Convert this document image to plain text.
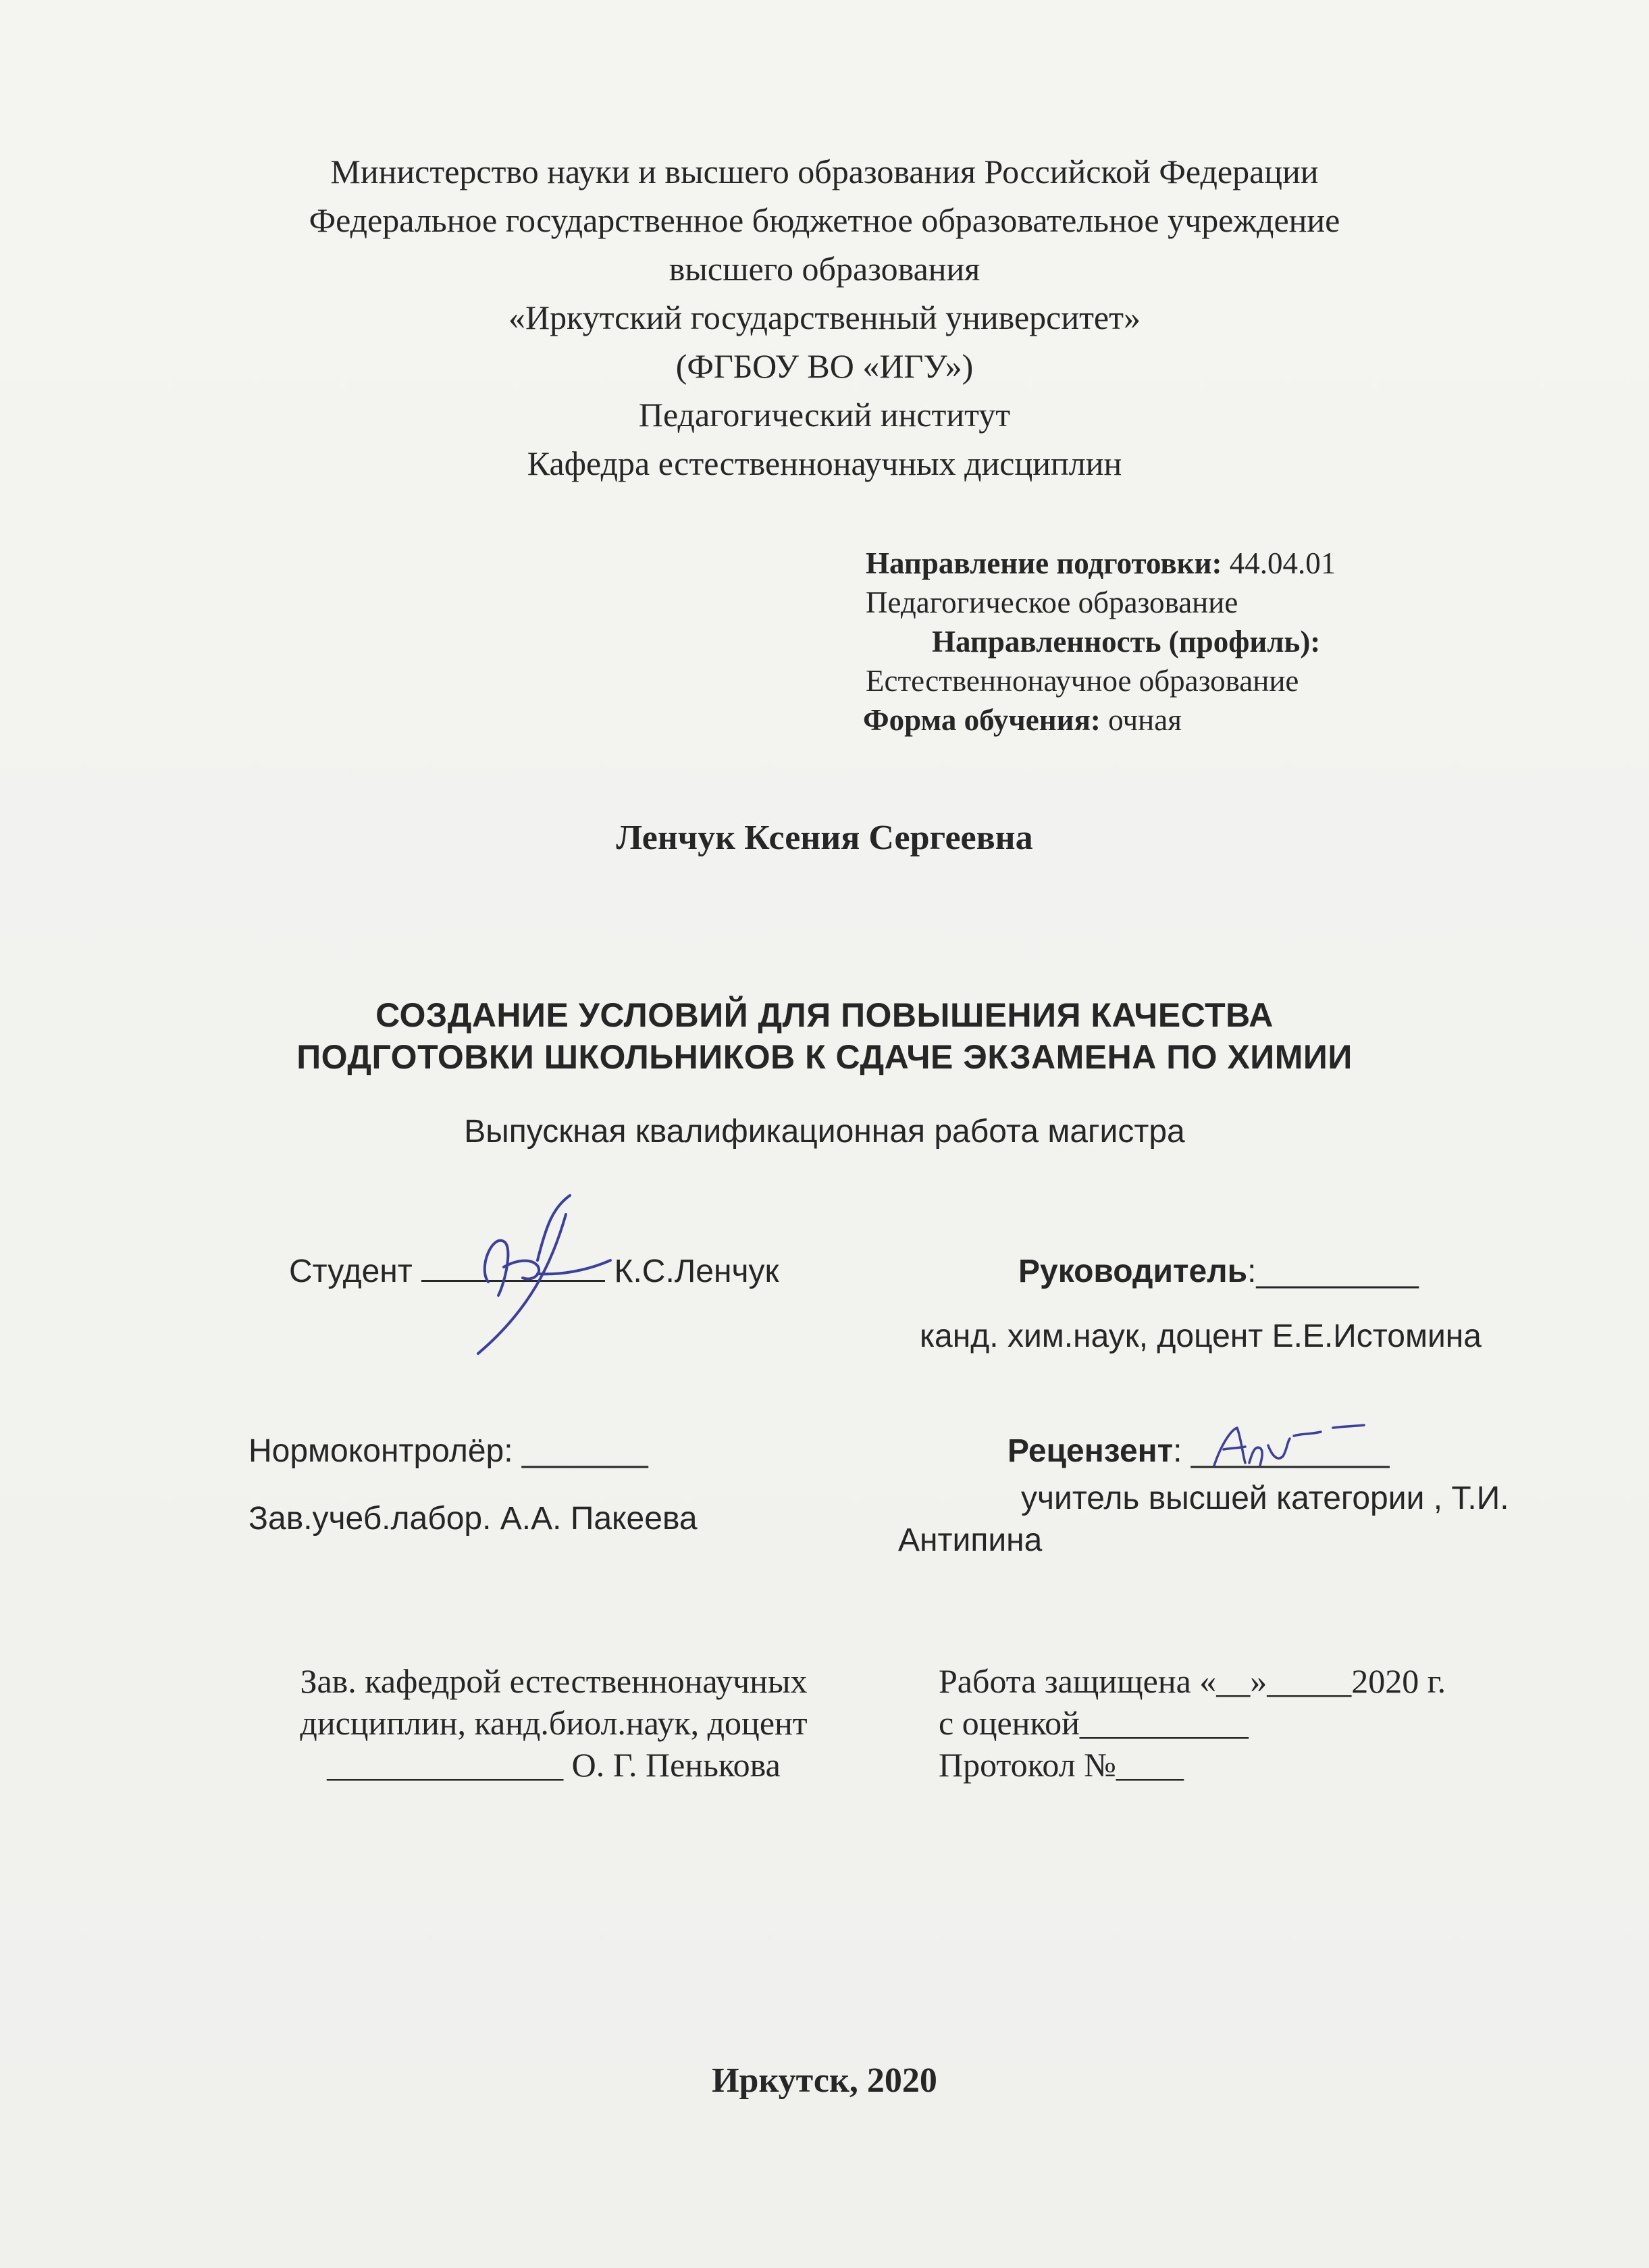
Министерство науки и высшего образования Российской Федерации
Федеральное государственное бюджетное образовательное учреждение
высшего образования
«Иркутский государственный университет»
(ФГБОУ ВО «ИГУ»)
Педагогический институт
Кафедра естественнонаучных дисциплин
Направление подготовки: 44.04.01
Педагогическое образование
Направленность (профиль):
Естественнонаучное образование
Форма обучения: очная
Ленчук Ксения Сергеевна
СОЗДАНИЕ УСЛОВИЙ ДЛЯ ПОВЫШЕНИЯ КАЧЕСТВА
ПОДГОТОВКИ ШКОЛЬНИКОВ К СДАЧЕ ЭКЗАМЕНА ПО ХИМИИ
Выпускная квалификационная работа магистра
Студент	К.С.Ленчук	Руководитель:_________
канд. хим.наук, доцент Е.Е.Истомина
Нормоконтролёр: _______
Зав.учеб.лабор. А.А. Пакеева
Рецензент: ___________
учитель высшей категории , Т.И.
Антипина
Зав. кафедрой естественнонаучных
дисциплин, канд.биол.наук, доцент
______________ О. Г. Пенькова
Работа защищена «__»_____2020 г.
с оценкой__________
Протокол №____
Иркутск, 2020
